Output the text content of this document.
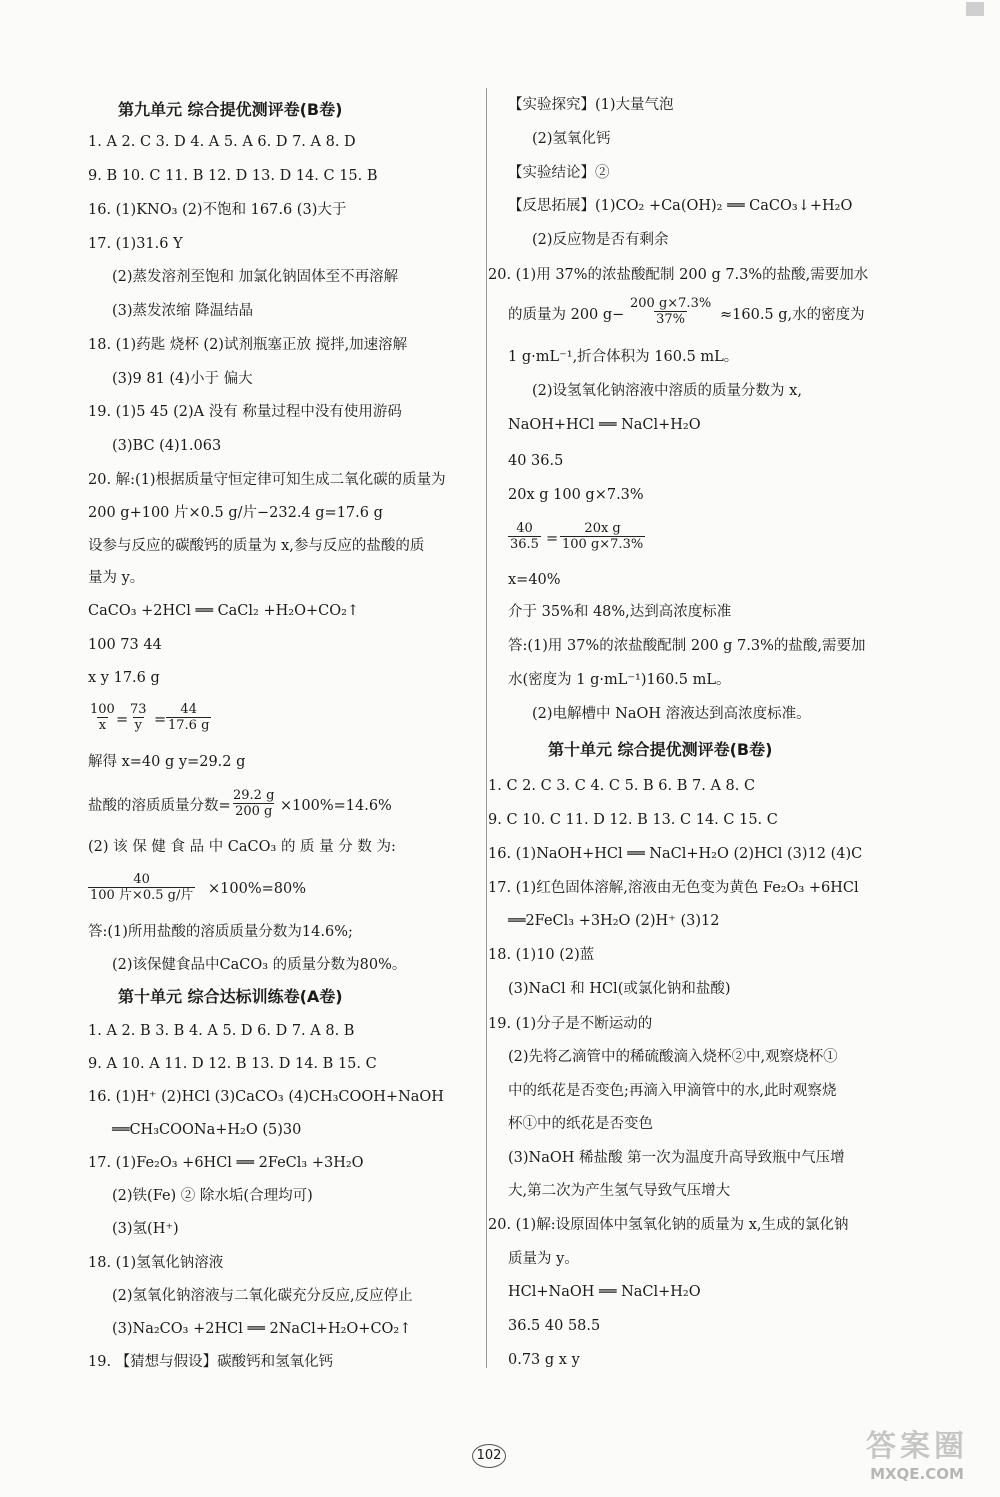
第九单元 综合提优测评卷(B卷)
1. A 2. C 3. D 4. A 5. A 6. D 7. A 8. D
9. B 10. C 11. B 12. D 13. D 14. C 15. B
16. (1)KNO₃ (2)不饱和 167.6 (3)大于
17. (1)31.6 Y
(2)蒸发溶剂至饱和 加氯化钠固体至不再溶解
(3)蒸发浓缩 降温结晶
18. (1)药匙 烧杯 (2)试剂瓶塞正放 搅拌,加速溶解
(3)9 81 (4)小于 偏大
19. (1)5 45 (2)A 没有 称量过程中没有使用游码
(3)BC (4)1.063
20. 解:(1)根据质量守恒定律可知生成二氧化碳的质量为
200 g+100 片×0.5 g/片−232.4 g=17.6 g
设参与反应的碳酸钙的质量为 x,参与反应的盐酸的质
量为 y。
CaCO₃ +2HCl ══ CaCl₂ +H₂O+CO₂↑
100 73 44
x y 17.6 g
$\frac{100}{x} = \frac{73}{y} = \frac{44}{17.6 g}$
解得 x=40 g y=29.2 g
盐酸的溶质质量分数= $\frac{29.2 g}{200 g} \times 100\%=14.6\%$
(2) 该 保 健 食 品 中 CaCO₃ 的 质 量 分 数 为:
40
100 片×0.5 g/片 ×100%=80%
答:(1)所用盐酸的溶质质量分数为14.6%;
(2)该保健食品中CaCO₃ 的质量分数为80%。
第十单元 综合达标训练卷(A卷)
1. A 2. B 3. B 4. A 5. D 6. D 7. A 8. B
9. A 10. A 11. D 12. B 13. D 14. B 15. C
16. (1)H⁺ (2)HCl (3)CaCO₃ (4)CH₃COOH+NaOH
══CH₃COONa+H₂O (5)30
17. (1)Fe₂O₃ +6HCl ══ 2FeCl₃ +3H₂O
(2)铁(Fe) ② 除水垢(合理均可)
(3)氢(H⁺)
18. (1)氢氧化钠溶液
(2)氢氧化钠溶液与二氧化碳充分反应,反应停止
(3)Na₂CO₃ +2HCl ══ 2NaCl+H₂O+CO₂↑
19. 【猜想与假设】碳酸钙和氢氧化钙
【实验探究】(1)大量气泡
(2)氢氧化钙
【实验结论】②
【反思拓展】(1)CO₂ +Ca(OH)₂ ══ CaCO₃↓+H₂O
(2)反应物是否有剩余
20. (1)用 37%的浓盐酸配制 200 g 7.3%的盐酸,需要加水
的质量为 200 $g- \frac{200 g\times 7.3\%}{37\%} \approx 160.5$ g,水的密度为
1 g·mL⁻¹,折合体积为 160.5 mL。
(2)设氢氧化钠溶液中溶质的质量分数为 x,
NaOH+HCl ══ NaCl+H₂O
40 36.5
20x g 100 g×7.3%
$\frac{40}{36.5} = \frac{\text{20x g}}{100 g\times 7.3\%}$
x=40%
介于 35%和 48%,达到高浓度标准
答:(1)用 37%的浓盐酸配制 200 g 7.3%的盐酸,需要加
水(密度为 1 g·mL⁻¹)160.5 mL。
(2)电解槽中 NaOH 溶液达到高浓度标准。
第十单元 综合提优测评卷(B卷)
1. C 2. C 3. C 4. C 5. B 6. B 7. A 8. C
9. C 10. C 11. D 12. B 13. C 14. C 15. C
16. (1)NaOH+HCl ══ NaCl+H₂O (2)HCl (3)12 (4)C
17. (1)红色固体溶解,溶液由无色变为黄色 Fe₂O₃ +6HCl
══2FeCl₃ +3H₂O (2)H⁺ (3)12
18. (1)10 (2)蓝
(3)NaCl 和 HCl(或氯化钠和盐酸)
19. (1)分子是不断运动的
(2)先将乙滴管中的稀硫酸滴入烧杯②中,观察烧杯①
中的纸花是否变色;再滴入甲滴管中的水,此时观察烧
杯①中的纸花是否变色
(3)NaOH 稀盐酸 第一次为温度升高导致瓶中气压增
大,第二次为产生氢气导致气压增大
20. (1)解:设原固体中氢氧化钠的质量为 x,生成的氯化钠
质量为 y。
HCl+NaOH ══ NaCl+H₂O
36.5 40 58.5
0.73 g x y
102	答案圈
MXQE.COM
